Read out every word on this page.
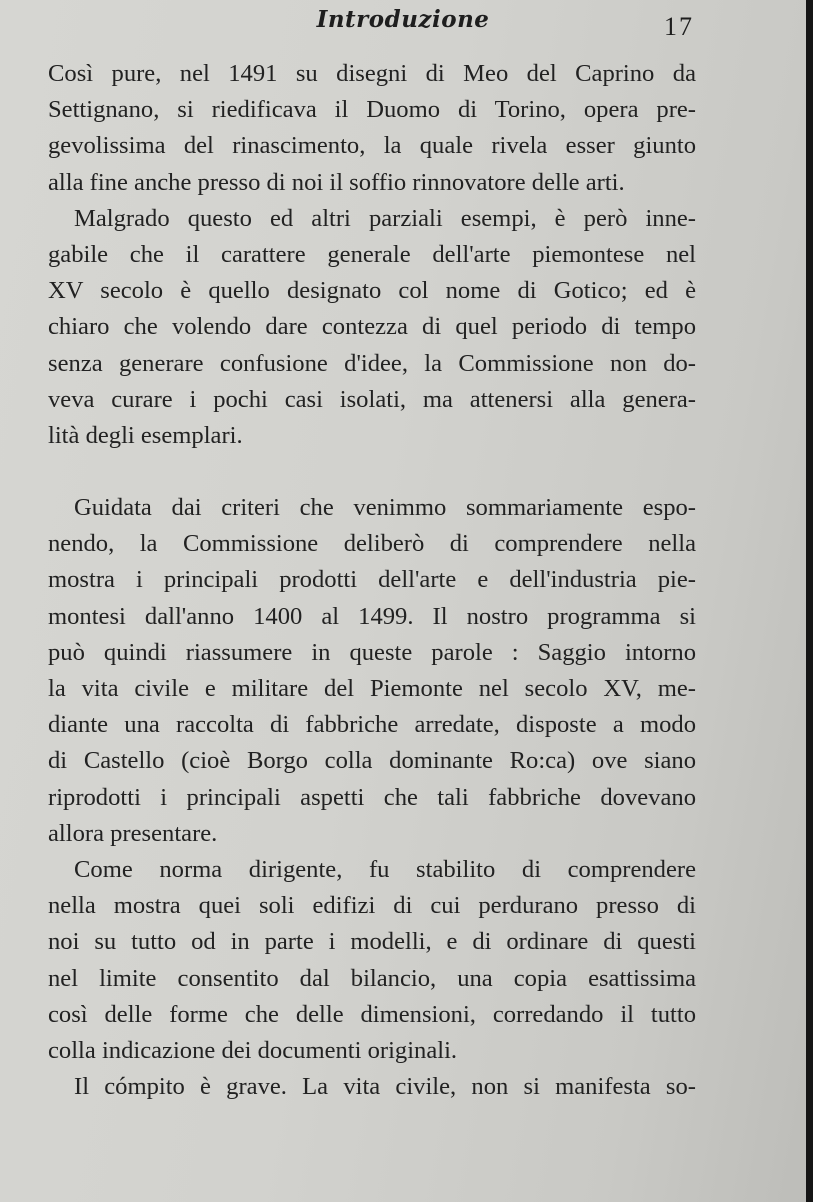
Introduzione	17
Così pure, nel 1491 su disegni di Meo del Caprino da
Settignano, si riedificava il Duomo di Torino, opera pre-
gevolissima del rinascimento, la quale rivela esser giunto
alla fine anche presso di noi il soffio rinnovatore delle arti.
Malgrado questo ed altri parziali esempi, è però inne-
gabile che il carattere generale dell'arte piemontese nel
XV secolo è quello designato col nome di Gotico; ed è
chiaro che volendo dare contezza di quel periodo di tempo
senza generare confusione d'idee, la Commissione non do-
veva curare i pochi casi isolati, ma attenersi alla genera-
lità degli esemplari.
Guidata dai criteri che venimmo sommariamente espo-
nendo, la Commissione deliberò di comprendere nella
mostra i principali prodotti dell'arte e dell'industria pie-
montesi dall'anno 1400 al 1499. Il nostro programma si
può quindi riassumere in queste parole : Saggio intorno
la vita civile e militare del Piemonte nel secolo XV, me-
diante una raccolta di fabbriche arredate, disposte a modo
di Castello (cioè Borgo colla dominante Ro:ca) ove siano
riprodotti i principali aspetti che tali fabbriche dovevano
allora presentare.
Come norma dirigente, fu stabilito di comprendere
nella mostra quei soli edifizi di cui perdurano presso di
noi su tutto od in parte i modelli, e di ordinare di questi
nel limite consentito dal bilancio, una copia esattissima
così delle forme che delle dimensioni, corredando il tutto
colla indicazione dei documenti originali.
Il cómpito è grave. La vita civile, non si manifesta so-
